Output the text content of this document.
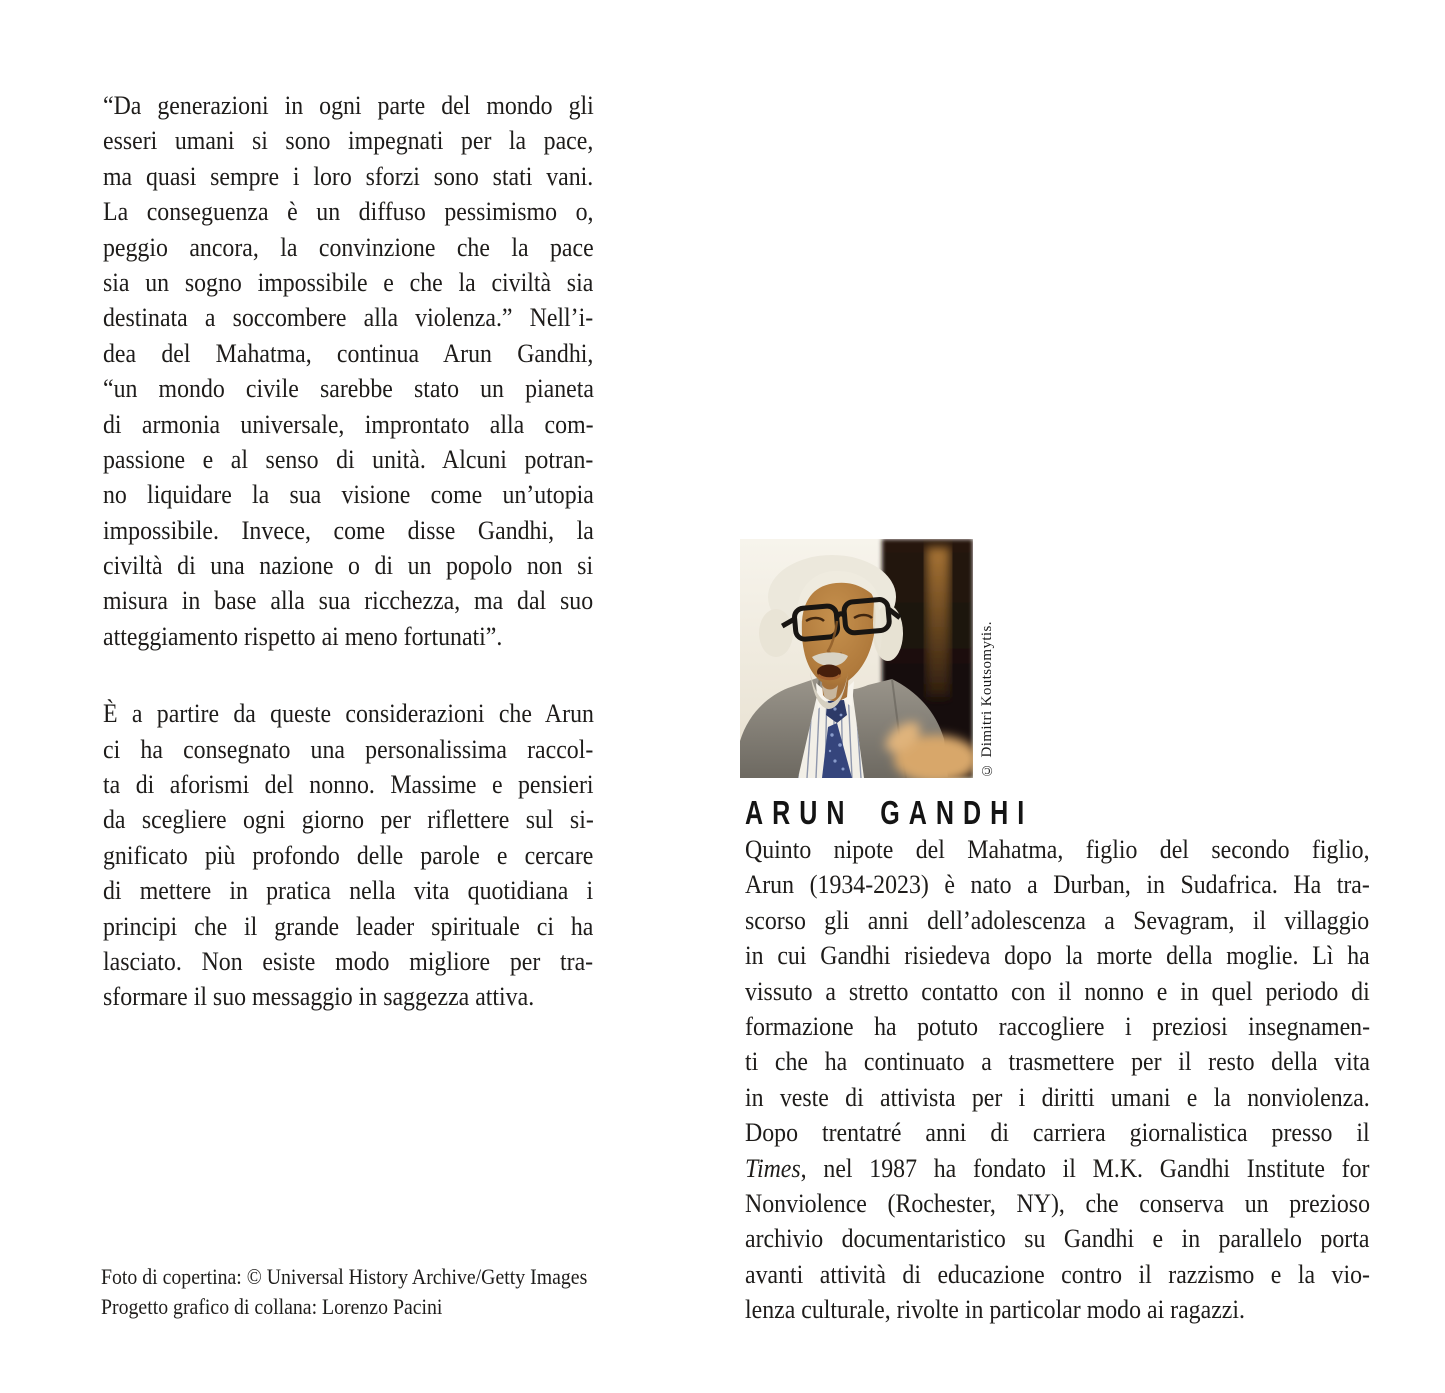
“Da generazioni in ogni parte del mondo gli
esseri umani si sono impegnati per la pace,
ma quasi sempre i loro sforzi sono stati vani.
La conseguenza è un diffuso pessimismo o,
peggio ancora, la convinzione che la pace
sia un sogno impossibile e che la civiltà sia
destinata a soccombere alla violenza.” Nell’i-
dea del Mahatma, continua Arun Gandhi,
“un mondo civile sarebbe stato un pianeta
di armonia universale, improntato alla com-
passione e al senso di unità. Alcuni potran-
no liquidare la sua visione come un’utopia
impossibile. Invece, come disse Gandhi, la
civiltà di una nazione o di un popolo non si
misura in base alla sua ricchezza, ma dal suo
atteggiamento rispetto ai meno fortunati”.
È a partire da queste considerazioni che Arun
ci ha consegnato una personalissima raccol-
ta di aforismi del nonno. Massime e pensieri
da scegliere ogni giorno per riflettere sul si-
gnificato più profondo delle parole e cercare
di mettere in pratica nella vita quotidiana i
principi che il grande leader spirituale ci ha
lasciato. Non esiste modo migliore per tra-
sformare il suo messaggio in saggezza attiva.
Foto di copertina: © Universal History Archive/Getty Images
Progetto grafico di collana: Lorenzo Pacini
© Dimitri Koutsomytis.
ARUN GANDHI
Quinto nipote del Mahatma, figlio del secondo figlio,
Arun (1934-2023) è nato a Durban, in Sudafrica. Ha tra-
scorso gli anni dell’adolescenza a Sevagram, il villaggio
in cui Gandhi risiedeva dopo la morte della moglie. Lì ha
vissuto a stretto contatto con il nonno e in quel periodo di
formazione ha potuto raccogliere i preziosi insegnamen-
ti che ha continuato a trasmettere per il resto della vita
in veste di attivista per i diritti umani e la nonviolenza.
Dopo trentatré anni di carriera giornalistica presso il
Times, nel 1987 ha fondato il M.K. Gandhi Institute for
Nonviolence (Rochester, NY), che conserva un prezioso
archivio documentaristico su Gandhi e in parallelo porta
avanti attività di educazione contro il razzismo e la vio-
lenza culturale, rivolte in particolar modo ai ragazzi.
